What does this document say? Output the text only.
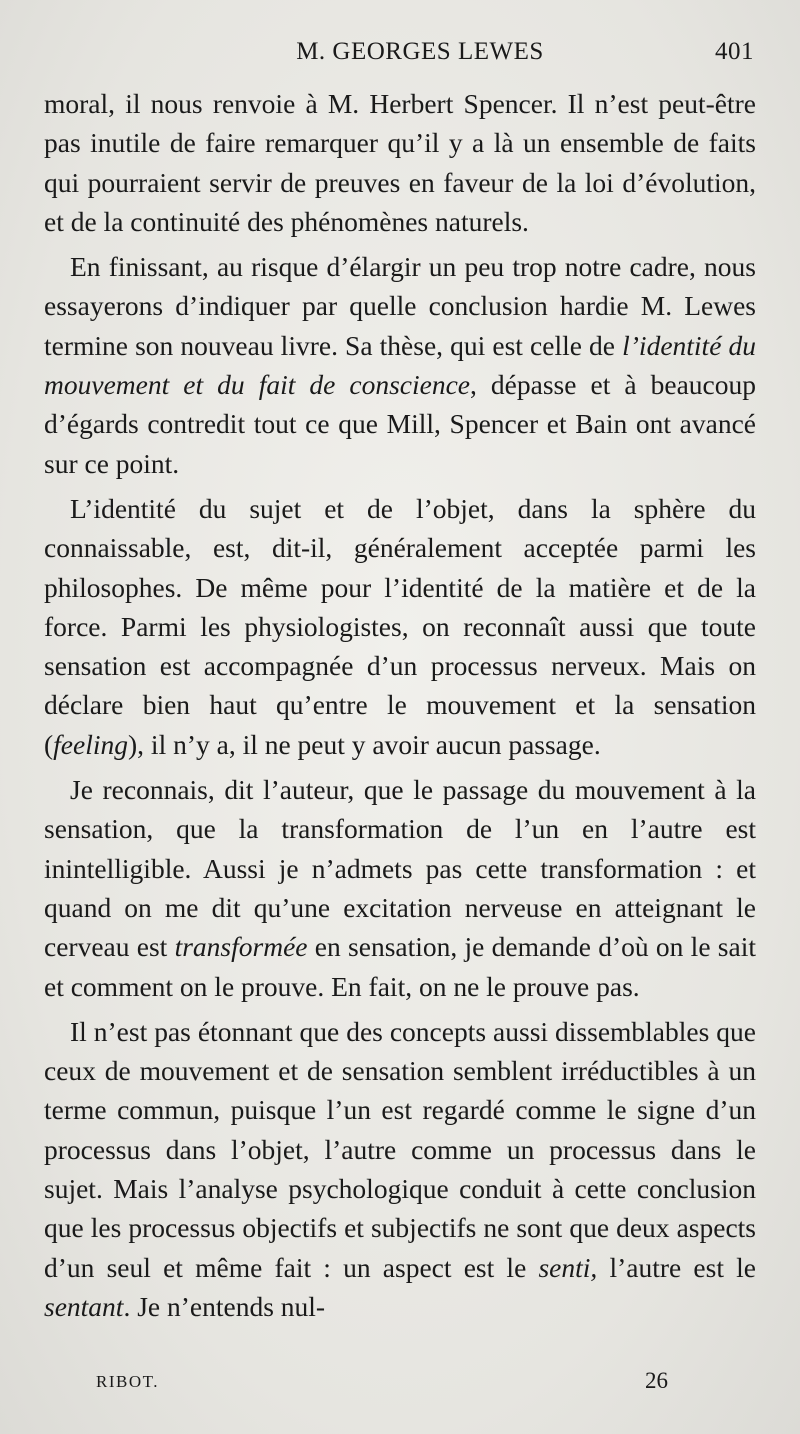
M. GEORGES LEWES	401

moral, il nous renvoie à M. Herbert Spencer. Il n’est peut-être pas inutile de faire remarquer qu’il y a là un ensemble de faits qui pourraient servir de preuves en faveur de la loi d’évolution, et de la continuité des phénomènes naturels.

En finissant, au risque d’élargir un peu trop notre cadre, nous essayerons d’indiquer par quelle conclusion hardie M. Lewes termine son nouveau livre. Sa thèse, qui est celle de l’identité du mouvement et du fait de conscience, dépasse et à beaucoup d’égards contredit tout ce que Mill, Spencer et Bain ont avancé sur ce point.

L’identité du sujet et de l’objet, dans la sphère du connaissable, est, dit-il, généralement acceptée parmi les philosophes. De même pour l’identité de la matière et de la force. Parmi les physiologistes, on reconnaît aussi que toute sensation est accompagnée d’un processus nerveux. Mais on déclare bien haut qu’entre le mouvement et la sensation (feeling), il n’y a, il ne peut y avoir aucun passage.

Je reconnais, dit l’auteur, que le passage du mouvement à la sensation, que la transformation de l’un en l’autre est inintelligible. Aussi je n’admets pas cette transformation : et quand on me dit qu’une excitation nerveuse en atteignant le cerveau est transformée en sensation, je demande d’où on le sait et comment on le prouve. En fait, on ne le prouve pas.

Il n’est pas étonnant que des concepts aussi dissemblables que ceux de mouvement et de sensation semblent irréductibles à un terme commun, puisque l’un est regardé comme le signe d’un processus dans l’objet, l’autre comme un processus dans le sujet. Mais l’analyse psychologique conduit à cette conclusion que les processus objectifs et subjectifs ne sont que deux aspects d’un seul et même fait : un aspect est le senti, l’autre est le sentant. Je n’entends nul-

RIBOT.	26
